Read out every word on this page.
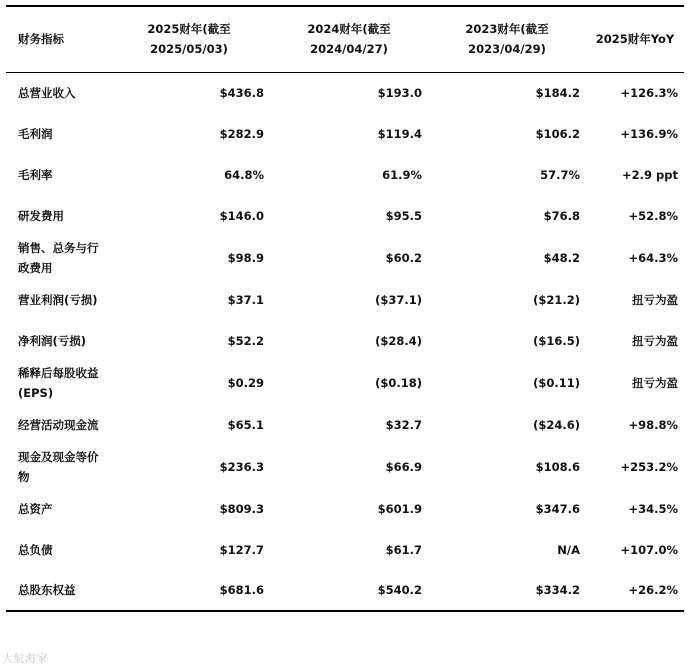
财务指标	2025财年(截至2025/05/03)	2024财年(截至2024/04/27)	2023财年(截至2023/04/29)	2025财年YoY
总营业收入	$436.8	$193.0	$184.2	+126.3%
毛利润	$282.9	$119.4	$106.2	+136.9%
毛利率	64.8%	61.9%	57.7%	+2.9 ppt
研发费用	$146.0	$95.5	$76.8	+52.8%
销售、总务与行政费用	$98.9	$60.2	$48.2	+64.3%
营业利润(亏损)	$37.1	($37.1)	($21.2)	扭亏为盈
净利润(亏损)	$52.2	($28.4)	($16.5)	扭亏为盈
稀释后每股收益(EPS)	$0.29	($0.18)	($0.11)	扭亏为盈
经营活动现金流	$65.1	$32.7	($24.6)	+98.8%
现金及现金等价物	$236.3	$66.9	$108.6	+253.2%
总资产	$809.3	$601.9	$347.6	+34.5%
总负债	$127.7	$61.7	N/A	+107.0%
总股东权益	$681.6	$540.2	$334.2	+26.2%
大航海家
